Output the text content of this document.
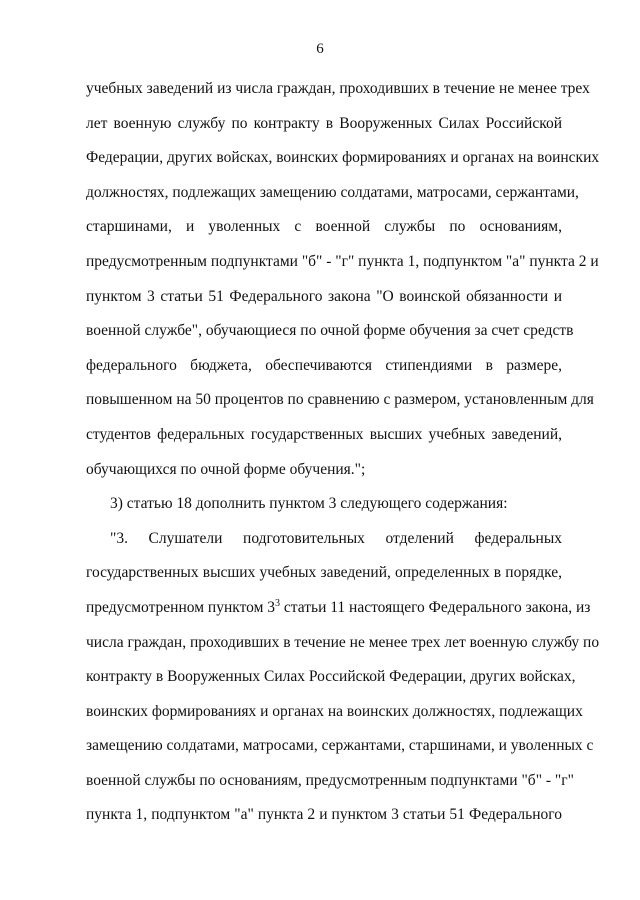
6
учебных заведений из числа граждан, проходивших в течение не менее трех
лет военную службу по контракту в Вооруженных Силах Российской
Федерации, других войсках, воинских формированиях и органах на воинских
должностях, подлежащих замещению солдатами, матросами, сержантами,
старшинами, и уволенных с военной службы по основаниям,
предусмотренным подпунктами "б" - "г" пункта 1, подпунктом "а" пункта 2 и
пунктом 3 статьи 51 Федерального закона "О воинской обязанности и
военной службе", обучающиеся по очной форме обучения за счет средств
федерального бюджета, обеспечиваются стипендиями в размере,
повышенном на 50 процентов по сравнению с размером, установленным для
студентов федеральных государственных высших учебных заведений,
обучающихся по очной форме обучения.";
3) статью 18 дополнить пунктом 3 следующего содержания:
"3. Слушатели подготовительных отделений федеральных
государственных высших учебных заведений, определенных в порядке,
предусмотренном пунктом $3^3$ статьи 11 настоящего Федерального закона, из
числа граждан, проходивших в течение не менее трех лет военную службу по
контракту в Вооруженных Силах Российской Федерации, других войсках,
воинских формированиях и органах на воинских должностях, подлежащих
замещению солдатами, матросами, сержантами, старшинами, и уволенных с
военной службы по основаниям, предусмотренным подпунктами "б" - "г"
пункта 1, подпунктом "а" пункта 2 и пунктом 3 статьи 51 Федерального
